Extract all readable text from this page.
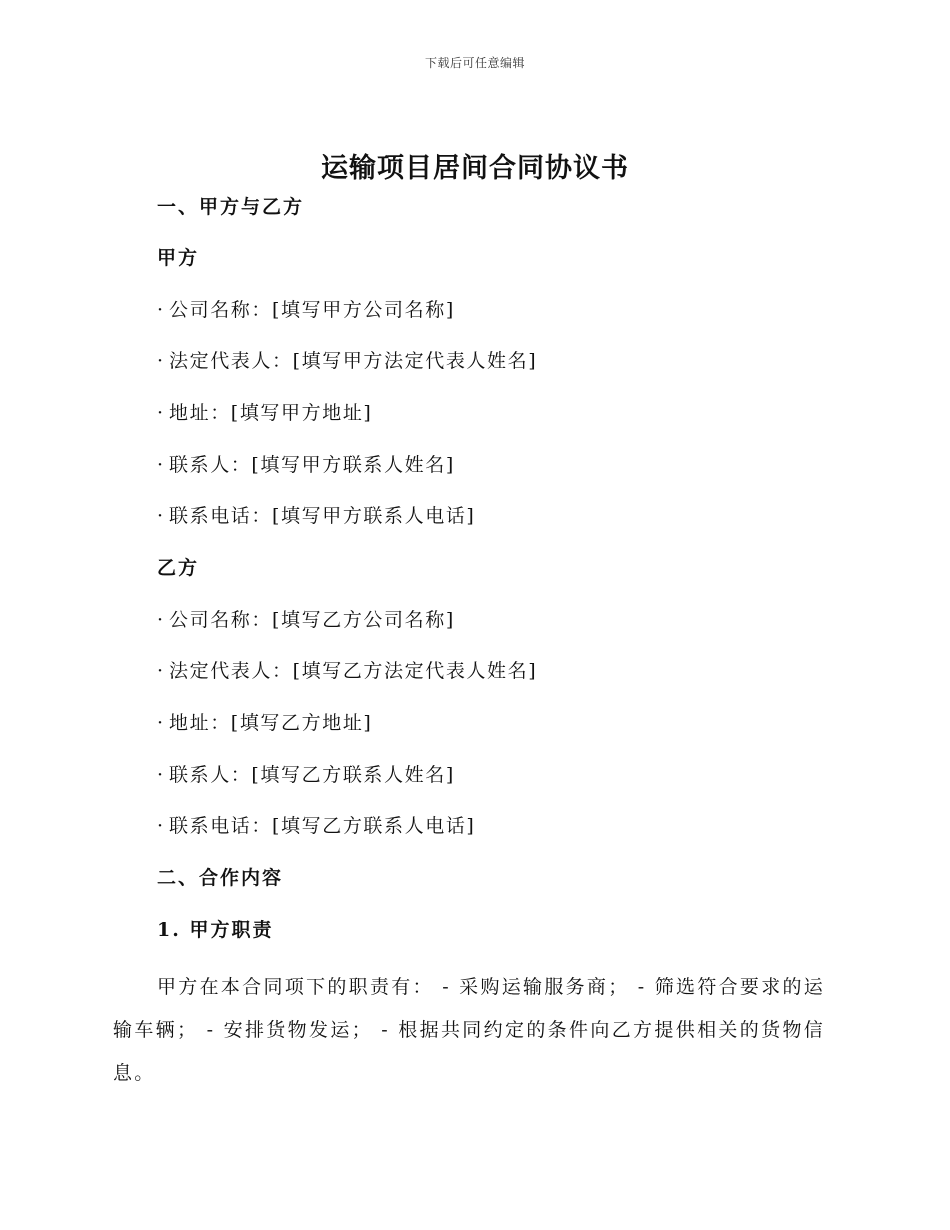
下载后可任意编辑
运输项目居间合同协议书
一、甲方与乙方
甲方
· 公司名称：[填写甲方公司名称]
· 法定代表人：[填写甲方法定代表人姓名]
· 地址：[填写甲方地址]
· 联系人：[填写甲方联系人姓名]
· 联系电话：[填写甲方联系人电话]
乙方
· 公司名称：[填写乙方公司名称]
· 法定代表人：[填写乙方法定代表人姓名]
· 地址：[填写乙方地址]
· 联系人：[填写乙方联系人姓名]
· 联系电话：[填写乙方联系人电话]
二、合作内容
1. 甲方职责

甲方在本合同项下的职责有： - 采购运输服务商； - 筛选符合要求的运输车辆； - 安排货物发运； - 根据共同约定的条件向乙方提供相关的货物信息。
